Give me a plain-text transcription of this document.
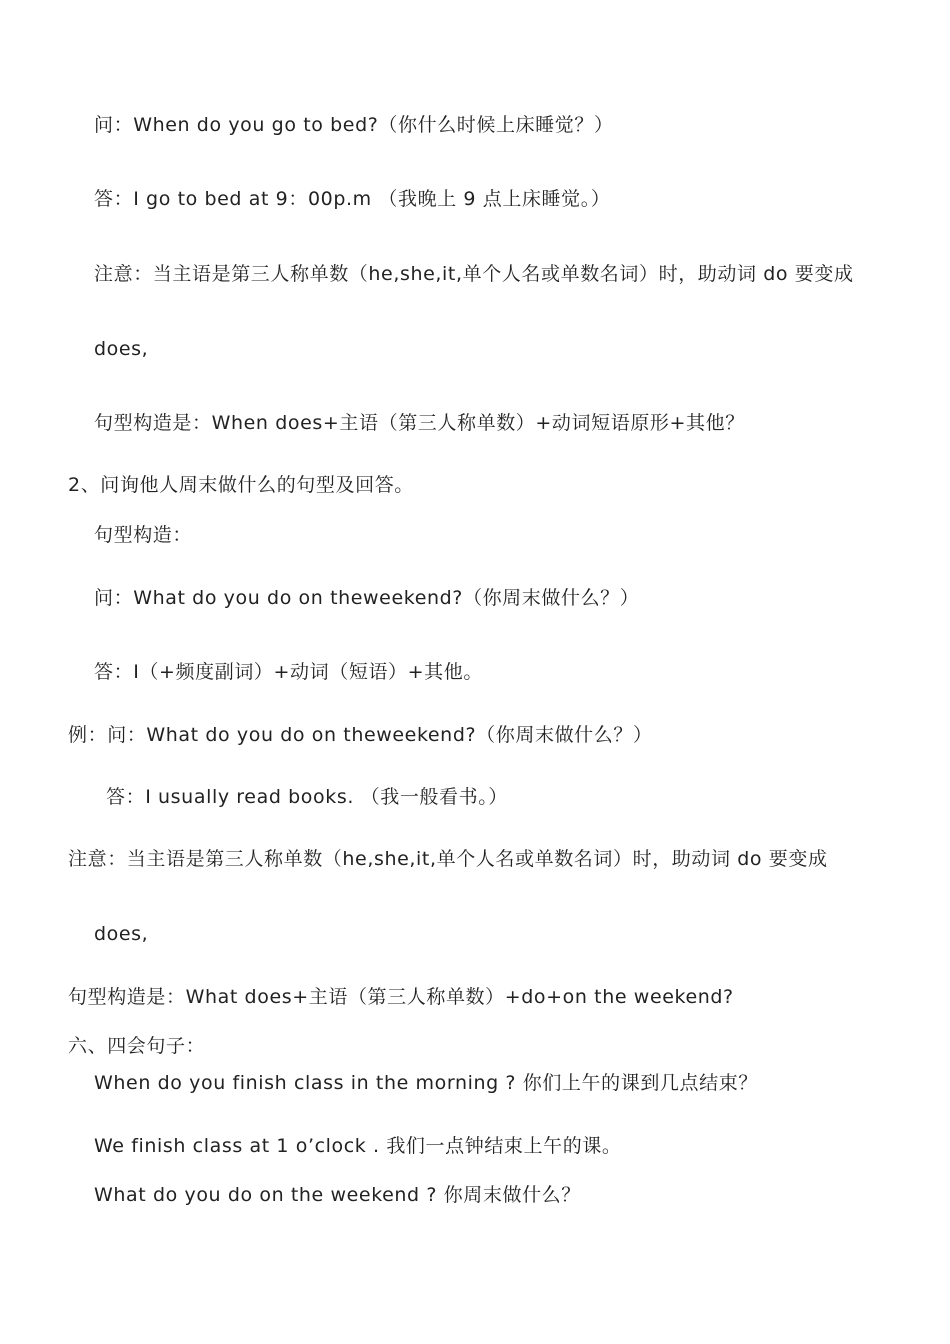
问：When do you go to bed?（你什么时候上床睡觉？）
答：I go to bed at 9：00p.m （我晚上 9 点上床睡觉。）
注意：当主语是第三人称单数（he,she,it,单个人名或单数名词）时，助动词 do 要变成
does,
句型构造是：When does+主语（第三人称单数）+动词短语原形+其他？
2、问询他人周末做什么的句型及回答。
句型构造：
问：What do you do on theweekend?（你周末做什么？）
答：I（+频度副词）+动词（短语）+其他。
例：问：What do you do on theweekend?（你周末做什么？）
答：I usually read books. （我一般看书。）
注意：当主语是第三人称单数（he,she,it,单个人名或单数名词）时，助动词 do 要变成
does,
句型构造是：What does+主语（第三人称单数）+do+on the weekend?
六、四会句子：
When do you finish class in the morning ? 你们上午的课到几点结束？
We finish class at 1 o’clock . 我们一点钟结束上午的课。
What do you do on the weekend ? 你周末做什么？
